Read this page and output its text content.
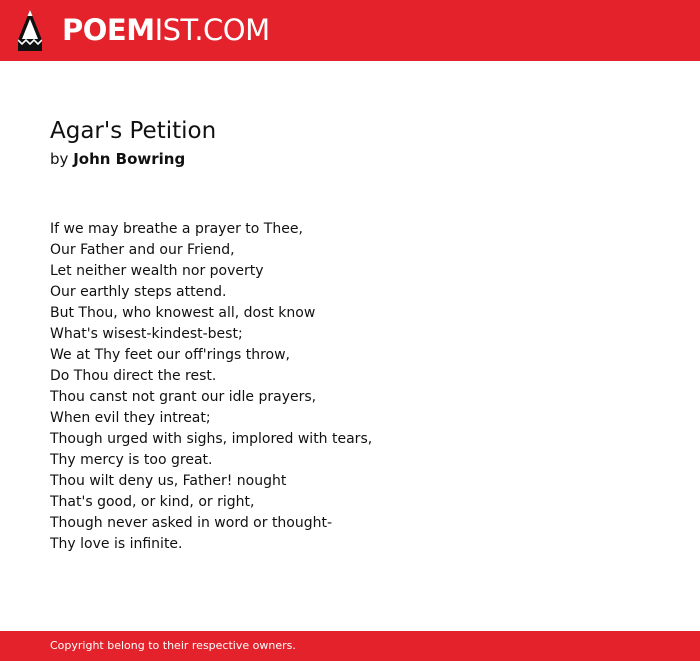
POEMIST.COM
Agar's Petition
by John Bowring
If we may breathe a prayer to Thee,
Our Father and our Friend,
Let neither wealth nor poverty
Our earthly steps attend.
But Thou, who knowest all, dost know
What's wisest-kindest-best;
We at Thy feet our off'rings throw,
Do Thou direct the rest.
Thou canst not grant our idle prayers,
When evil they intreat;
Though urged with sighs, implored with tears,
Thy mercy is too great.
Thou wilt deny us, Father! nought
That's good, or kind, or right,
Though never asked in word or thought-
Thy love is infinite.
Copyright belong to their respective owners.
